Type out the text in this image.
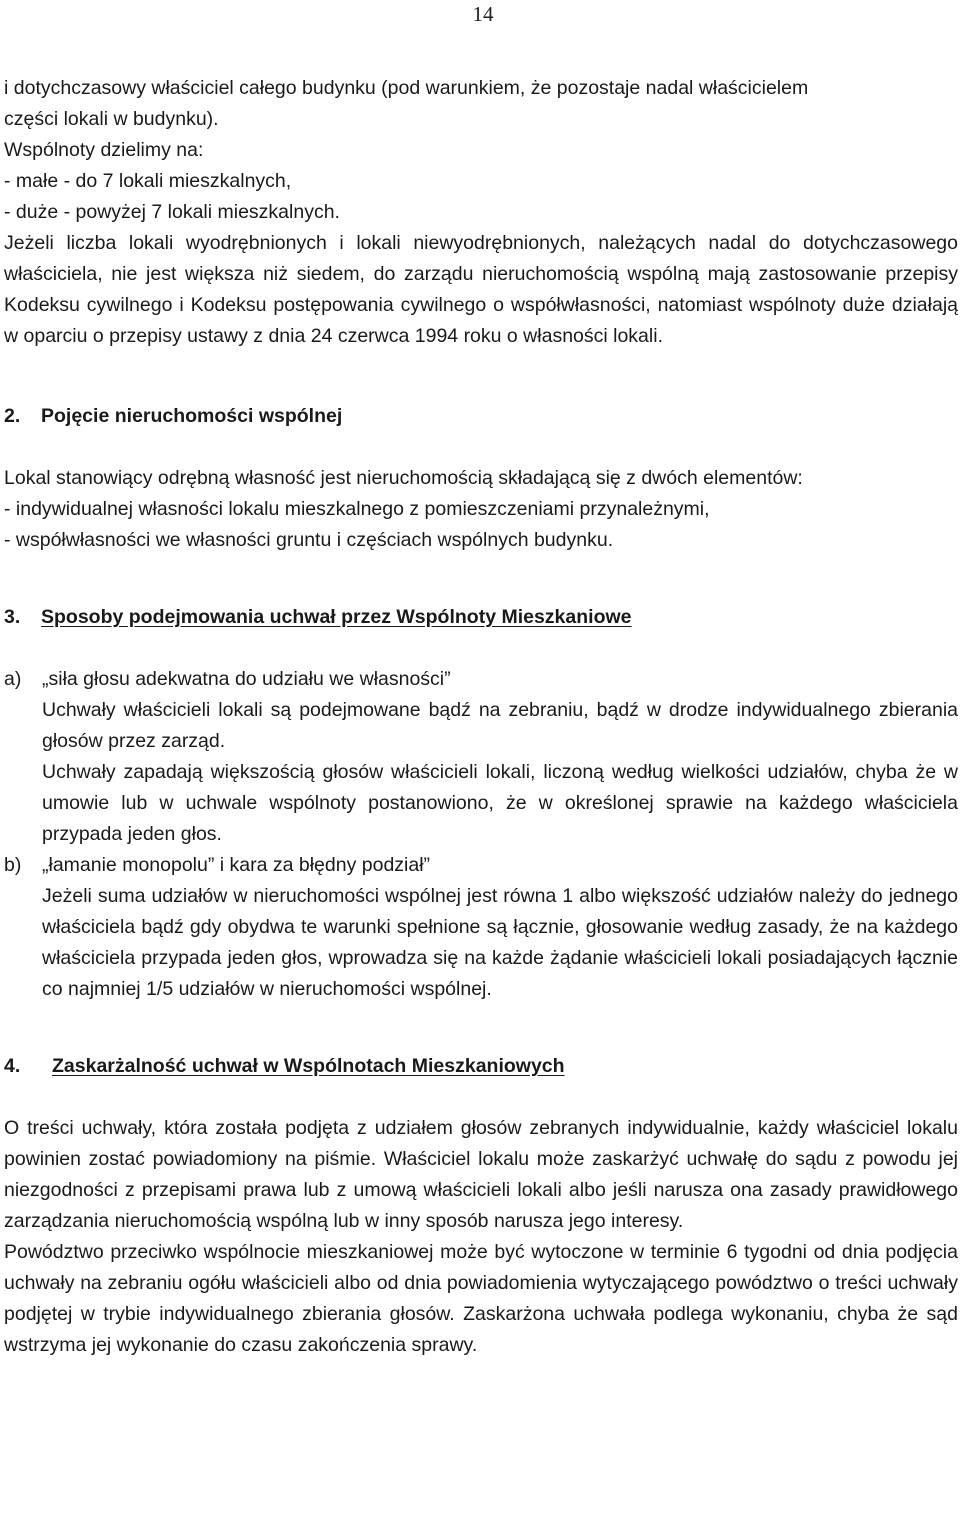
14
i dotychczasowy właściciel całego budynku (pod warunkiem, że pozostaje nadal właścicielem
części lokali w budynku).
Wspólnoty dzielimy na:
- małe - do 7 lokali mieszkalnych,
- duże - powyżej 7 lokali mieszkalnych.
Jeżeli liczba lokali wyodrębnionych i lokali niewyodrębnionych, należących nadal do dotychczasowego właściciela, nie jest większa niż siedem, do zarządu nieruchomością wspólną mają zastosowanie przepisy Kodeksu cywilnego i Kodeksu postępowania cywilnego o współwłasności, natomiast wspólnoty duże działają w oparciu o przepisy ustawy z dnia 24 czerwca 1994 roku o własności lokali.
2. Pojęcie nieruchomości wspólnej
Lokal stanowiący odrębną własność jest nieruchomością składającą się z dwóch elementów:
- indywidualnej własności lokalu mieszkalnego z pomieszczeniami przynależnymi,
- współwłasności we własności gruntu i częściach wspólnych budynku.
3. Sposoby podejmowania uchwał przez Wspólnoty Mieszkaniowe
a)	„siła głosu adekwatna do udziału we własności”
Uchwały właścicieli lokali są podejmowane bądź na zebraniu, bądź w drodze indywidualnego zbierania głosów przez zarząd.
Uchwały zapadają większością głosów właścicieli lokali, liczoną według wielkości udziałów, chyba że w umowie lub w uchwale wspólnoty postanowiono, że w określonej sprawie na każdego właściciela przypada jeden głos.
b)	„łamanie monopolu” i kara za błędny podział”
Jeżeli suma udziałów w nieruchomości wspólnej jest równa 1 albo większość udziałów należy do jednego właściciela bądź gdy obydwa te warunki spełnione są łącznie, głosowanie według zasady, że na każdego właściciela przypada jeden głos, wprowadza się na każde żądanie właścicieli lokali posiadających łącznie co najmniej 1/5 udziałów w nieruchomości wspólnej.
4. Zaskarżalność uchwał w Wspólnotach Mieszkaniowych
O treści uchwały, która została podjęta z udziałem głosów zebranych indywidualnie, każdy właściciel lokalu powinien zostać powiadomiony na piśmie. Właściciel lokalu może zaskarżyć uchwałę do sądu z powodu jej niezgodności z przepisami prawa lub z umową właścicieli lokali albo jeśli narusza ona zasady prawidłowego zarządzania nieruchomością wspólną lub w inny sposób narusza jego interesy.
Powództwo przeciwko wspólnocie mieszkaniowej może być wytoczone w terminie 6 tygodni od dnia podjęcia uchwały na zebraniu ogółu właścicieli albo od dnia powiadomienia wytyczającego powództwo o treści uchwały podjętej w trybie indywidualnego zbierania głosów. Zaskarżona uchwała podlega wykonaniu, chyba że sąd wstrzyma jej wykonanie do czasu zakończenia sprawy.
